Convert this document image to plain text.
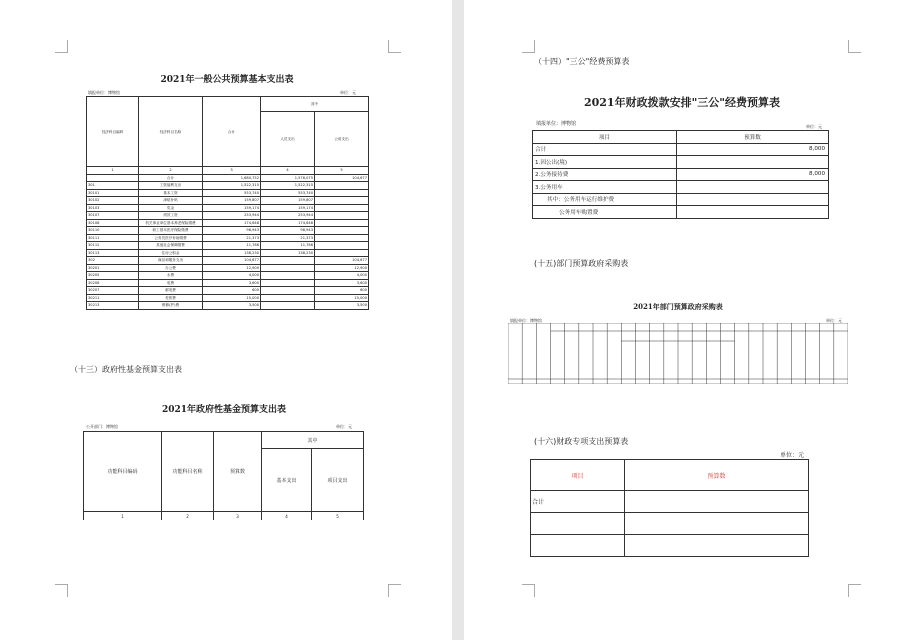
2021年一般公共预算基本支出表
填报单位：博物馆	单位：元
经济科目编码	经济科目名称	合计	其中	
			人员支出	公用支出
1	2	3	4	5
	合计	1,680,752	1,576,075	104,677
301	工资福利支出	1,522,315	1,522,315	
30101	基本工资	553,740	553,740	
30102	津贴补贴	159,807	159,807	
30103	奖金	159,174	159,174	
30107	绩效工资	253,944	253,944	
30108	机关事业单位基本养老保险缴费	174,648	174,648	
30110	职工基本医疗保险缴费	98,943	98,943	
30111	公务员医疗补助缴费	21,373	21,373	
30112	其他社会保障缴费	11,786	11,786	
30113	住房公积金	138,230	138,230	
302	商品和服务支出	104,677		104,677
30201	办公费	12,900		12,900
30205	水费	4,000		4,000
30206	电费	3,600		3,600
30207	邮电费	600		600
30211	差旅费	15,000		15,000
30213	维修(护)费	3,500		3,500
（十三）政府性基金预算支出表
2021年政府性基金预算支出表
公开部门：博物馆	单位：元
功能科目编码	功能科目名称	预算数	其中	
			基本支出	项目支出
1	2	3	4	5
（十四）"三公"经费预算表
2021年财政拨款安排"三公"经费预算表
填报单位：博物馆	单位：元
项目	预算数
合计	8,000
1.因公出(境)	
2.公务接待费	8,000
3.公务用车	
其中：公务用车运行维护费	
公务用车购置费	
(十五)部门预算政府采购表
2021年部门预算政府采购表
填报单位：博物馆	单位：元
(十六)财政专项支出预算表
单位：元
项目	预算数
合计	
